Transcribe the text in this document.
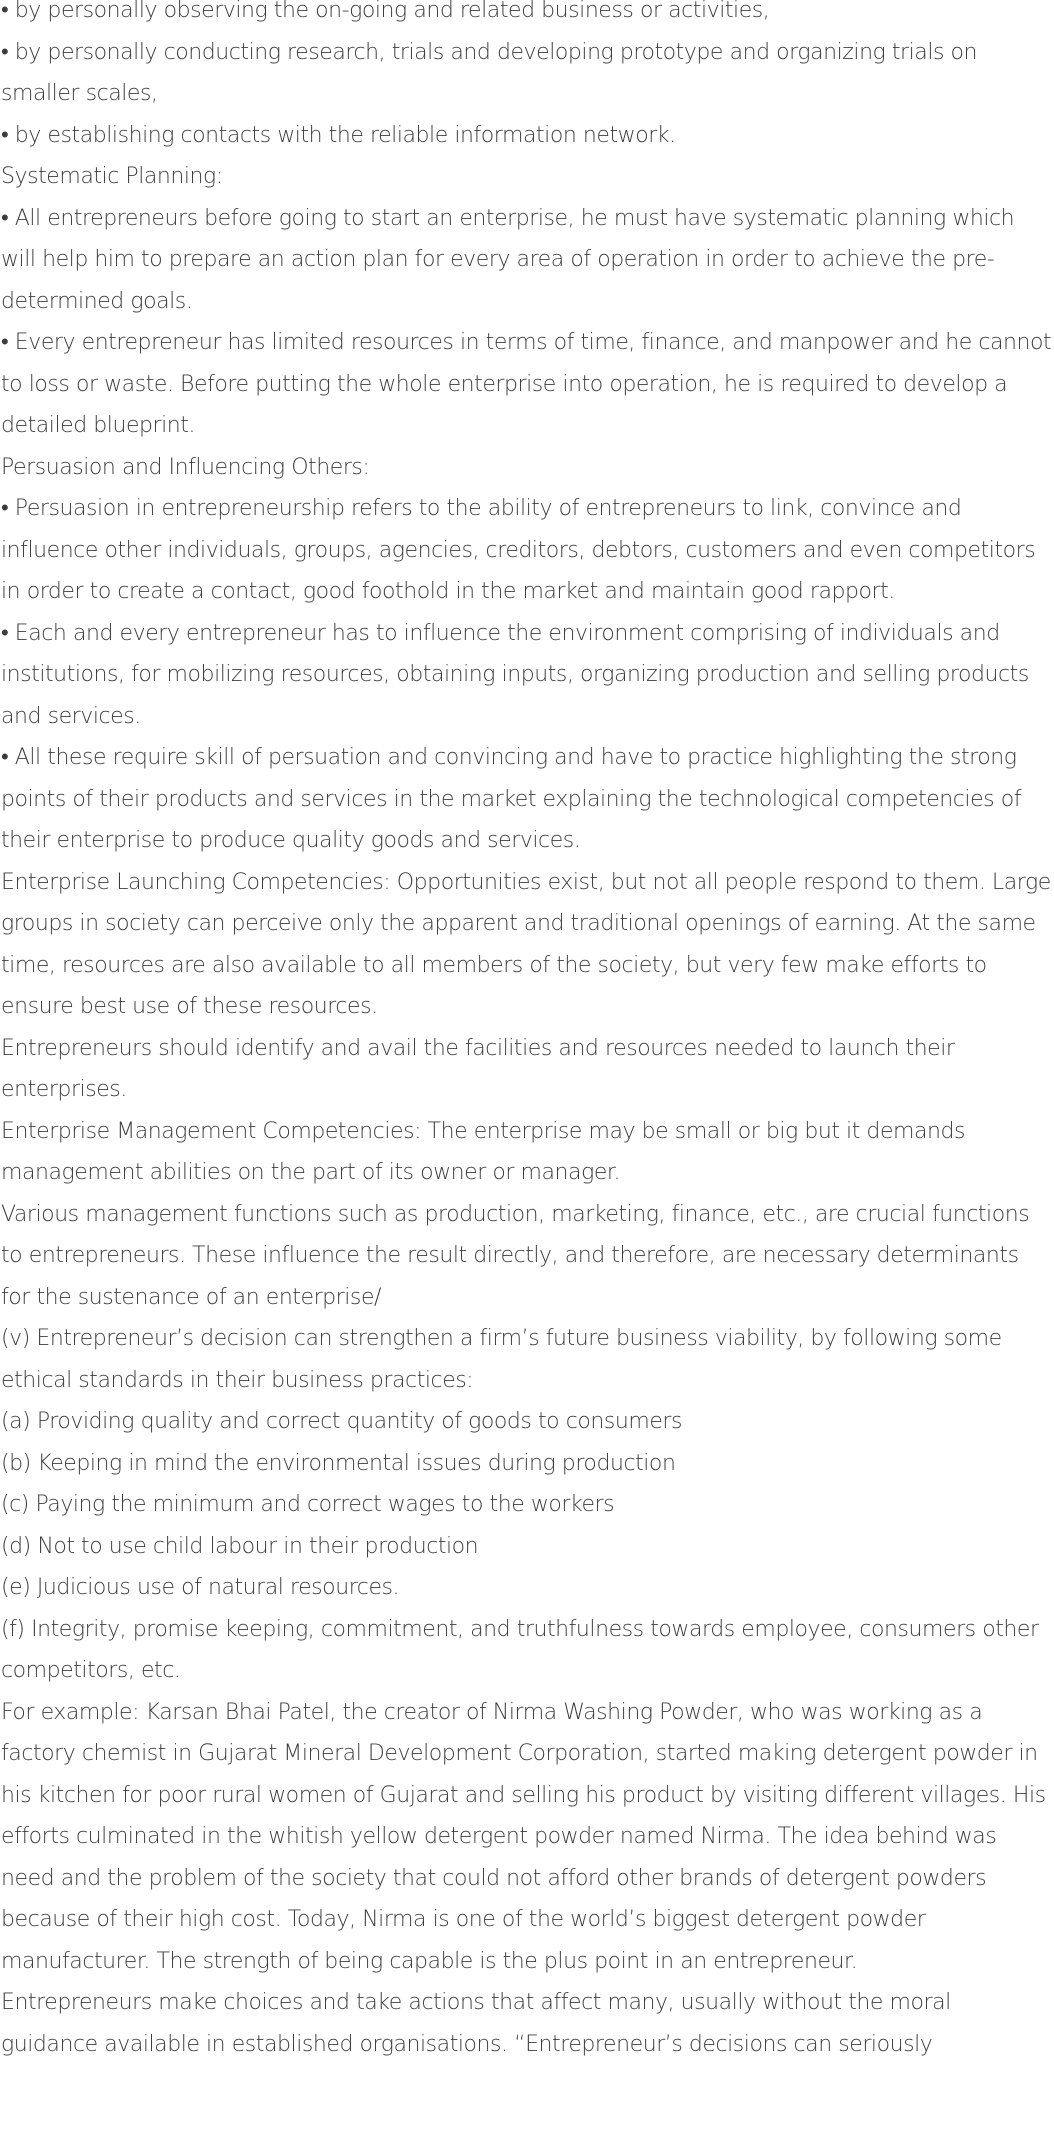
• by personally observing the on-going and related business or activities,

• by personally conducting research, trials and developing prototype and organizing trials on smaller scales,

• by establishing contacts with the reliable information network.

Systematic Planning:

• All entrepreneurs before going to start an enterprise, he must have systematic planning which will help him to prepare an action plan for every area of operation in order to achieve the pre-determined goals.

• Every entrepreneur has limited resources in terms of time, finance, and manpower and he cannot to loss or waste. Before putting the whole enterprise into operation, he is required to develop a detailed blueprint.

Persuasion and Influencing Others:

• Persuasion in entrepreneurship refers to the ability of entrepreneurs to link, convince and influence other individuals, groups, agencies, creditors, debtors, customers and even competitors in order to create a contact, good foothold in the market and maintain good rapport.

• Each and every entrepreneur has to influence the environment comprising of individuals and institutions, for mobilizing resources, obtaining inputs, organizing production and selling products and services.

• All these require skill of persuation and convincing and have to practice highlighting the strong points of their products and services in the market explaining the technological competencies of their enterprise to produce quality goods and services.

Enterprise Launching Competencies: Opportunities exist, but not all people respond to them. Large groups in society can perceive only the apparent and traditional openings of earning. At the same time, resources are also available to all members of the society, but very few make efforts to ensure best use of these resources.

Entrepreneurs should identify and avail the facilities and resources needed to launch their enterprises.

Enterprise Management Competencies: The enterprise may be small or big but it demands management abilities on the part of its owner or manager.

Various management functions such as production, marketing, finance, etc., are crucial functions to entrepreneurs. These influence the result directly, and therefore, are necessary determinants for the sustenance of an enterprise/

(v) Entrepreneur’s decision can strengthen a firm’s future business viability, by following some ethical standards in their business practices:

(a) Providing quality and correct quantity of goods to consumers

(b) Keeping in mind the environmental issues during production

(c) Paying the minimum and correct wages to the workers

(d) Not to use child labour in their production

(e) Judicious use of natural resources.

(f) Integrity, promise keeping, commitment, and truthfulness towards employee, consumers other competitors, etc.

For example: Karsan Bhai Patel, the creator of Nirma Washing Powder, who was working as a factory chemist in Gujarat Mineral Development Corporation, started making detergent powder in his kitchen for poor rural women of Gujarat and selling his product by visiting different villages. His efforts culminated in the whitish yellow detergent powder named Nirma. The idea behind was need and the problem of the society that could not afford other brands of detergent powders because of their high cost. Today, Nirma is one of the world’s biggest detergent powder manufacturer. The strength of being capable is the plus point in an entrepreneur.

Entrepreneurs make choices and take actions that affect many, usually without the moral guidance available in established organisations. “Entrepreneur’s decisions can seriously
